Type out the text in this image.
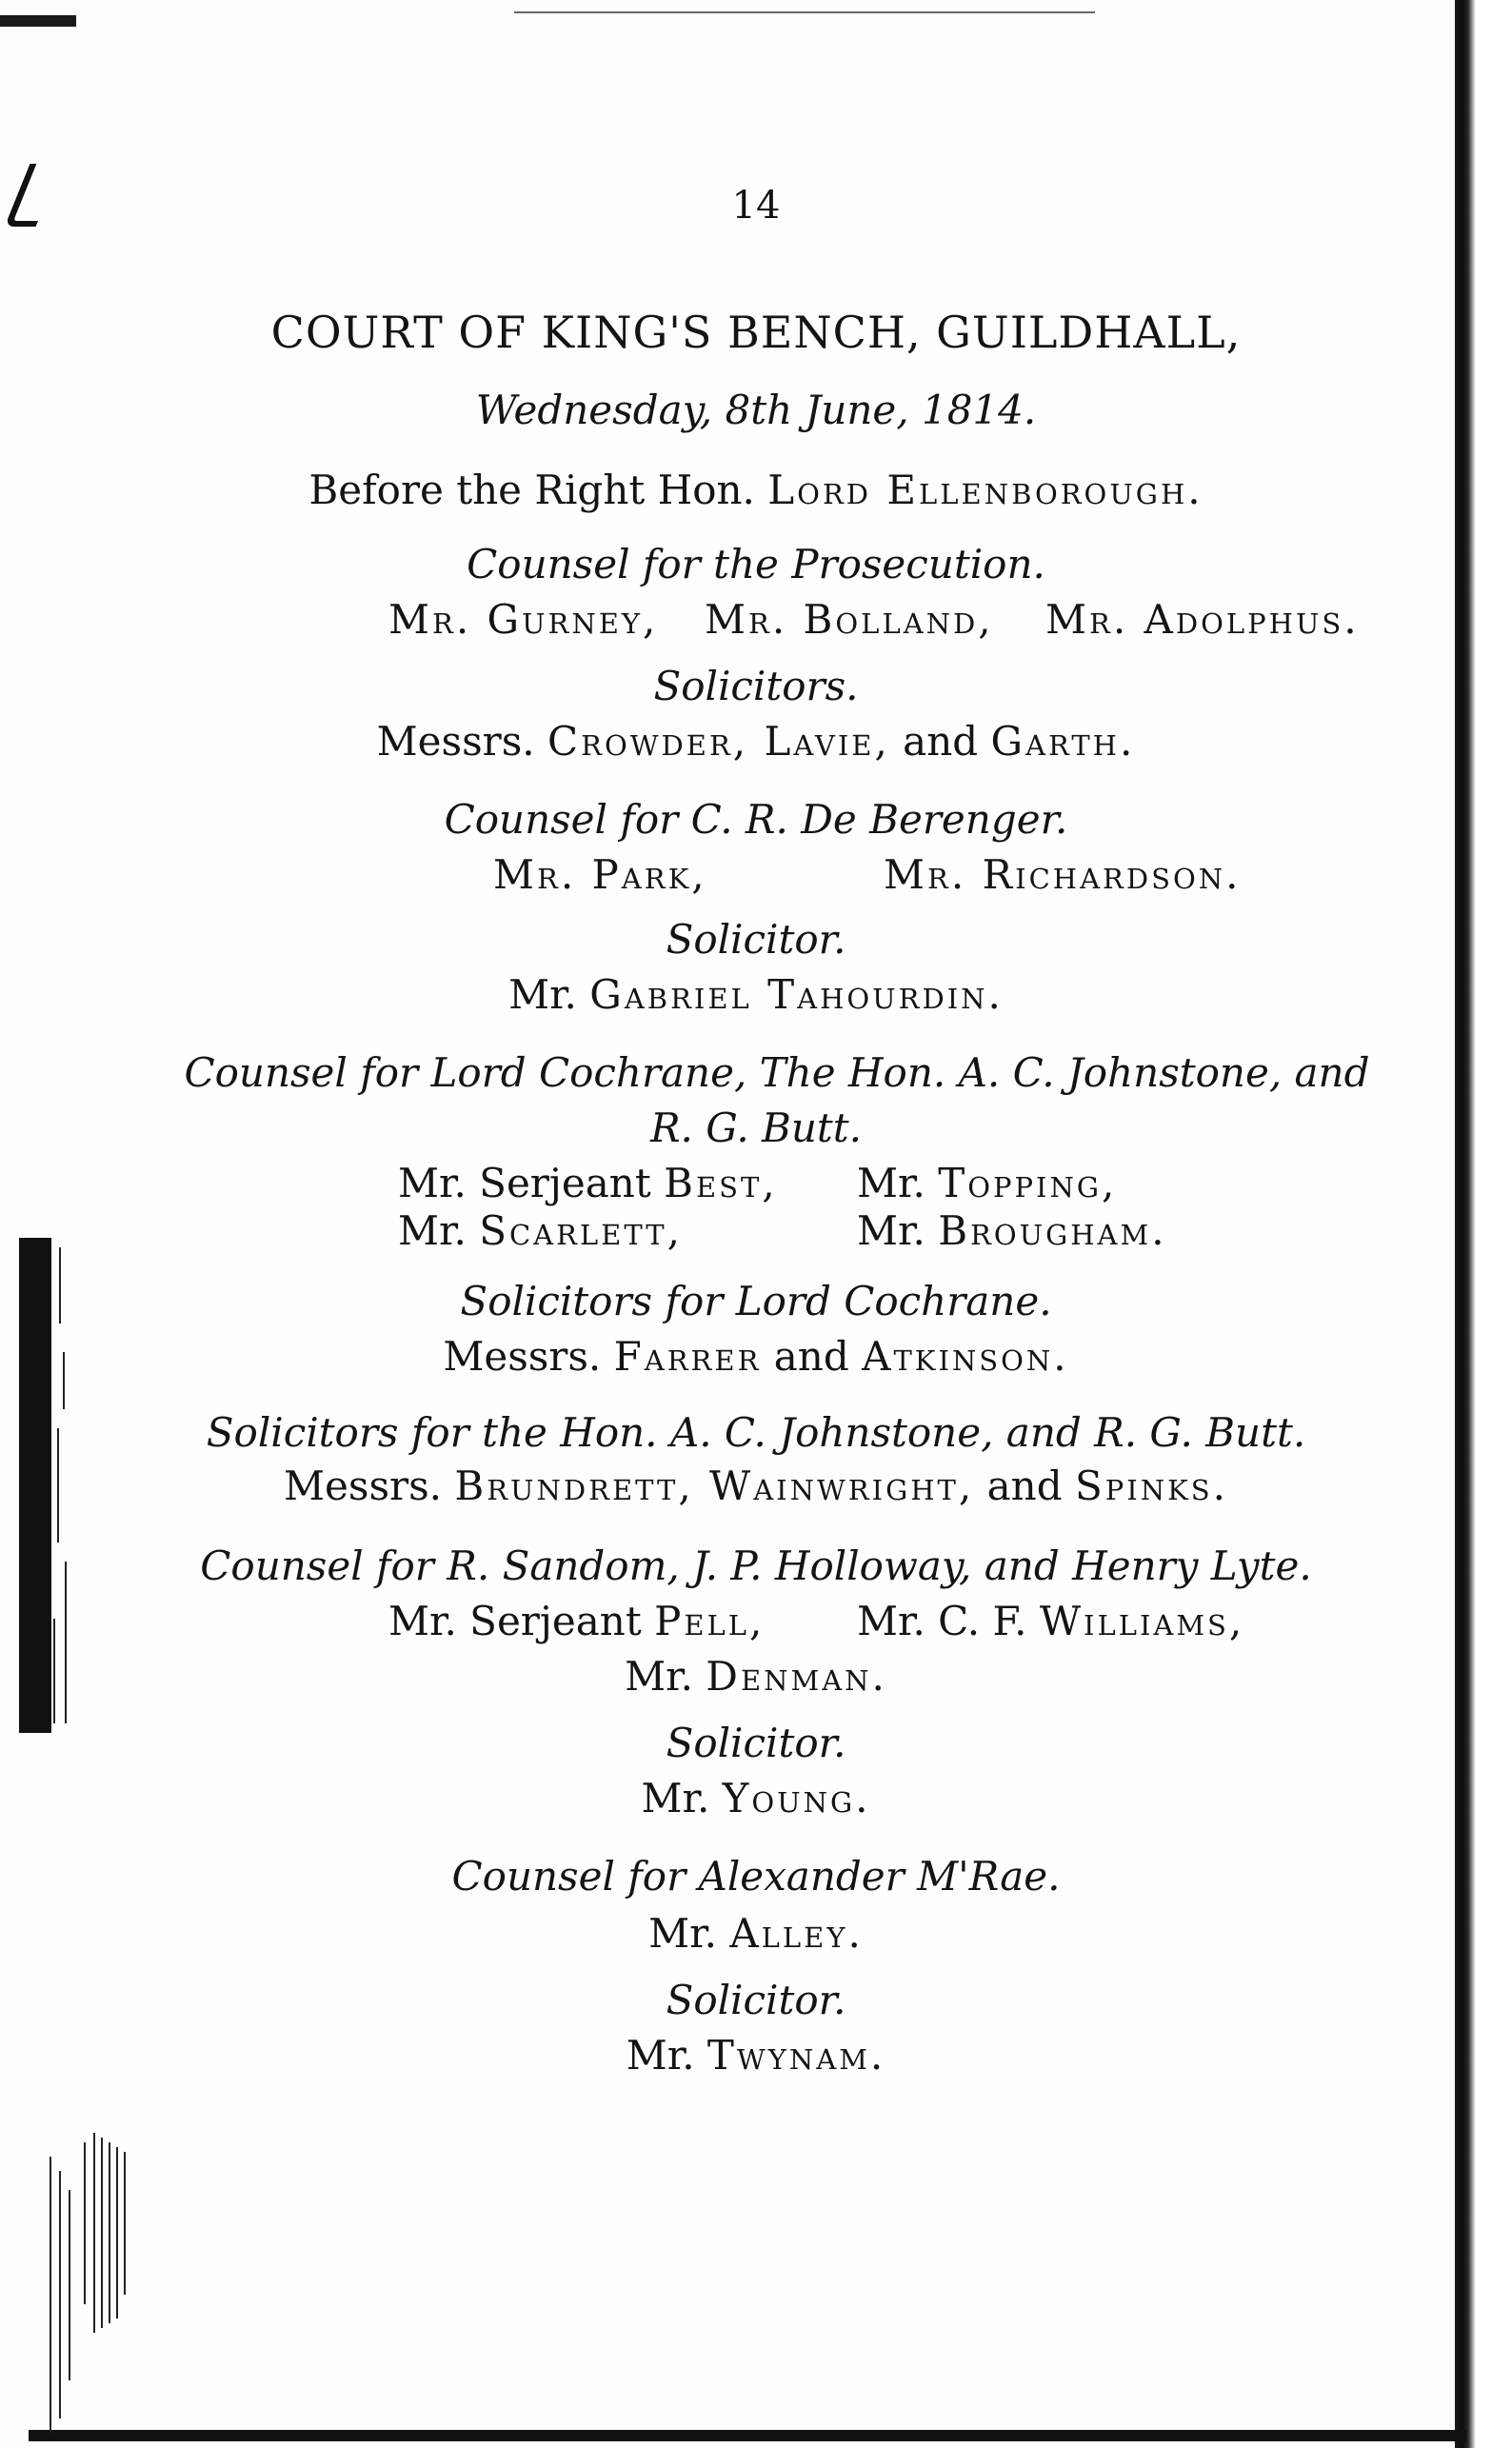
14
COURT OF KING'S BENCH, GUILDHALL,
Wednesday, 8th June, 1814.
Before the Right Hon. Lord Ellenborough.
Counsel for the Prosecution.
Mr. Gurney, Mr. Bolland, Mr. Adolphus.
Solicitors.
Messrs. Crowder, Lavie, and Garth.
Counsel for C. R. De Berenger.
Mr. Park,	Mr. Richardson.
Solicitor.
Mr. Gabriel Tahourdin.
Counsel for Lord Cochrane, The Hon. A. C. Johnstone, and
R. G. Butt.
Mr. Serjeant Best, Mr. Topping,
Mr. Scarlett,	Mr. Brougham.
Solicitors for Lord Cochrane.
Messrs. Farrer and Atkinson.
Solicitors for the Hon. A. C. Johnstone, and R. G. Butt.
Messrs. Brundrett, Wainwright, and Spinks.
Counsel for R. Sandom, J. P. Holloway, and Henry Lyte.
Mr. Serjeant Pell, Mr. C. F. Williams,
Mr. Denman.
Solicitor.
Mr. Young.
Counsel for Alexander M'Rae.
Mr. Alley.
Solicitor.
Mr. Twynam.
